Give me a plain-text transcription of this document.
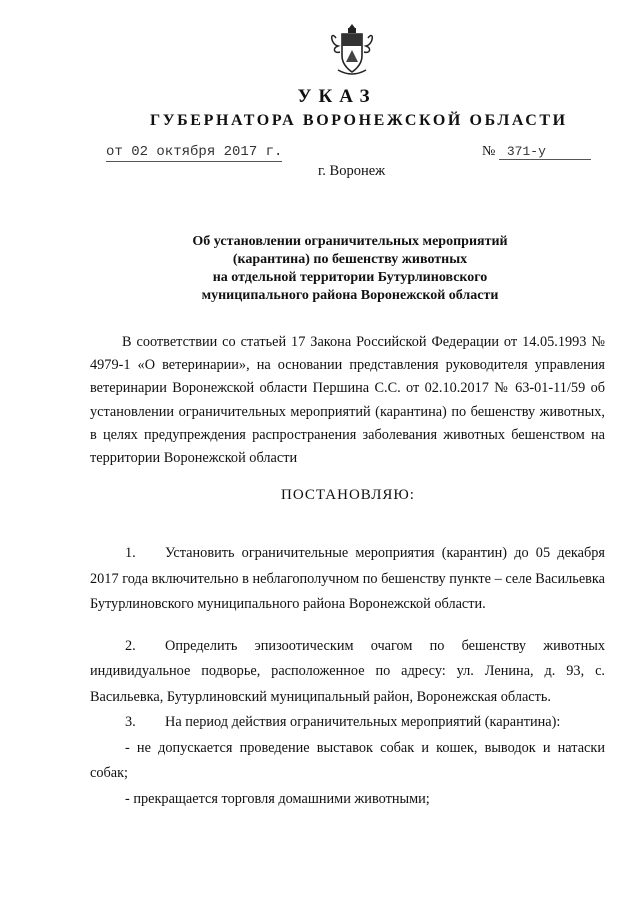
УКАЗ
ГУБЕРНАТОРА ВОРОНЕЖСКОЙ ОБЛАСТИ
от 02 октября 2017 г.	№ 371-у
г. Воронеж
Об установлении ограничительных мероприятий
(карантина) по бешенству животных
на отдельной территории Бутурлиновского
муниципального района Воронежской области
В соответствии со статьей 17 Закона Российской Федерации от 14.05.1993 № 4979-1 «О ветеринарии», на основании представления руководителя управления ветеринарии Воронежской области Першина С.С. от 02.10.2017 № 63-01-11/59 об установлении ограничительных мероприятий (карантина) по бешенству животных, в целях предупреждения распространения заболевания животных бешенством на территории Воронежской области
ПОСТАНОВЛЯЮ:

1. Установить ограничительные мероприятия (карантин) до 05 декабря 2017 года включительно в неблагополучном по бешенству пункте – селе Васильевка Бутурлиновского муниципального района Воронежской области.

2. Определить эпизоотическим очагом по бешенству животных индивидуальное подворье, расположенное по адресу: ул. Ленина, д. 93, с. Васильевка, Бутурлиновский муниципальный район, Воронежская область.

3. На период действия ограничительных мероприятий (карантина):

- не допускается проведение выставок собак и кошек, выводок и натаски собак;

- прекращается торговля домашними животными;
